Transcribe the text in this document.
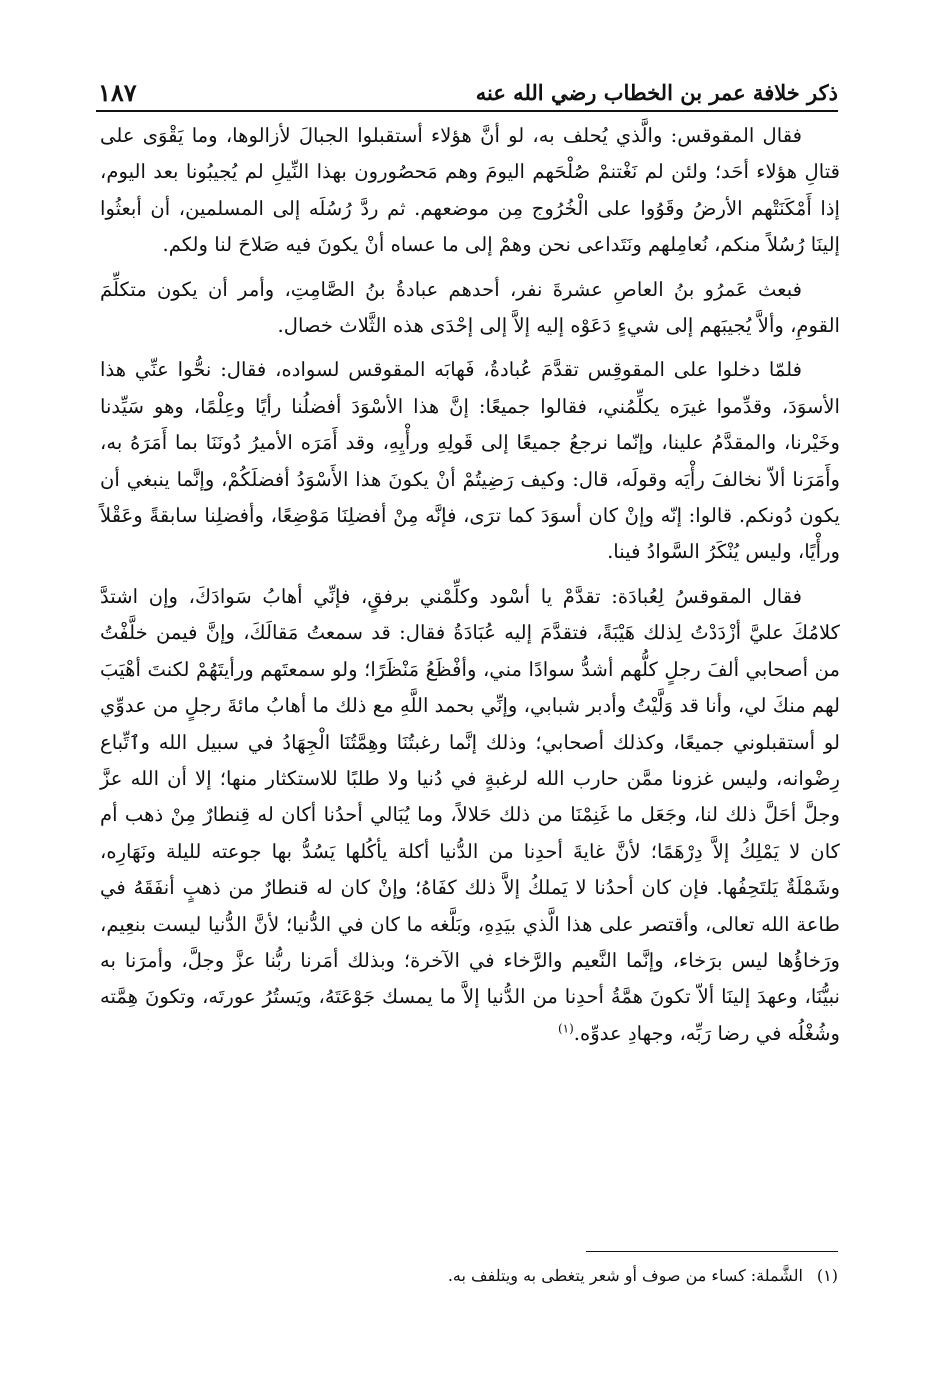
ذكر خلافة عمر بن الخطاب رضي الله عنه
١٨٧

فقال المقوقس: والَّذي يُحلف به، لو أنَّ هؤلاء أستقبلوا الجبالَ لأزالوها، وما يَقْوَى على قتالِ هؤلاء أحَد؛ ولئن لم نَغْتنمْ صُلْحَهم اليومَ وهم مَحصُورون بهذا النِّيلِ لم يُجيبُونا بعد اليوم، إذا أَمْكَنَتْهم الأرضُ وقَوُوا على الْخُرُوج مِن موضعهم. ثم ردَّ رُسُلَه إلى المسلمين، أن أبعثُوا إلينَا رُسُلاً منكم، نُعامِلهم ونَتَداعى نحن وهمْ إلى ما عساه أنْ يكونَ فيه صَلاحَ لنا ولكم.

فبعث عَمرُو بنُ العاصِ عشرةَ نفر، أحدهم عبادةُ بنُ الصَّامِتِ، وأمر أن يكون متكلِّمَ القومِ، وألاَّ يُجيبَهم إلى شيءٍ دَعَوْه إليه إلاَّ إلى إحْدَى هذه الثَّلاث خصال.

فلمّا دخلوا على المقوقِس تقدَّمَ عُبادةُ، فَهابَه المقوقس لسواده، فقال: نحُّوا عنِّي هذا الأسوَدَ، وقدِّموا غيرَه يكلِّمُني، فقالوا جميعًا: إنَّ هذا الأسْوَدَ أفضلُنا رأيًا وعِلْمًا، وهو سَيِّدنا وخَيْرنا، والمقدَّمُ علينا، وإنّما نرجعُ جميعًا إلى قَولِهِ ورأْيِهِ، وقد أَمَرَه الأميرُ دُونَنَا بما أَمَرَهُ به، وأَمَرَنا ألاّ نخالفَ رأْيَه وقولَه، قال: وكيف رَضِيتُمْ أنْ يكونَ هذا الأَسْوَدُ أفضلَكُمْ، وإنَّما ينبغي أن يكون دُونكم. قالوا: إنّه وإنْ كان أسوَدَ كما ترَى، فإنَّه مِنْ أفضلِنَا مَوْضِعًا، وأفضلِنا سابقةً وعَقْلاً ورأْيًا، وليس يُنْكَرُ السَّوادُ فينا.

فقال المقوقسُ لِعُبادَة: تقدَّمْ يا أسْود وكلِّمْني برفقٍ، فإنِّي أهابُ سَوادَكَ، وإن اشتدَّ كلامُكَ عليَّ أزْدَدْتُ لِذلك هَيْبَةً، فتقدَّمَ إليه عُبَادَةُ فقال: قد سمعتُ مَقالَكَ، وإنَّ فيمن خلَّفْتُ من أصحابي ألفَ رجلٍ كلُّهم أشدُّ سوادًا مني، وأفْظَعُ مَنْظَرًا؛ ولو سمعتَهم ورأيتَهُمْ لكنتَ أهْيَبَ لهم منكَ لي، وأنا قد وَلَّيْتُ وأدبر شبابي، وإنِّي بحمد اللَّهِ مع ذلك ما أهابُ مائةَ رجلٍ من عدوِّي لو أستقبلوني جميعًا، وكذلك أصحابي؛ وذلك إنَّما رغبتُنَا وهِمَّتُنَا الْجِهَادُ في سبيل الله وٱتِّباع رِضْوانه، وليس غزونا ممَّن حارب الله لرغبةٍ في دُنيا ولا طلبًا للاستكثار منها؛ إلا أن الله عزَّ وجلَّ أحَلَّ ذلك لنا، وجَعَل ما غَنِمْنَا من ذلك حَلالاً، وما يُبَالي أحدُنا أكان له قِنطارٌ مِنْ ذهب أم كان لا يَمْلِكُ إلاَّ دِرْهَمًا؛ لأنَّ غايةَ أحدِنا من الدُّنيا أكلة يأكُلها يَسُدُّ بها جوعته لليلة ونَهَارِه، وشَمْلَةٌ يَلتَحِفُها. فإن كان أحدُنا لا يَملكُ إلاَّ ذلك كفَاهُ؛ وإنْ كان له قنطارٌ من ذهبٍ أنفَقَهُ في طاعة الله تعالى، وأقتصر على هذا الَّذي بيَدِهِ، وبَلَّغه ما كان في الدُّنيا؛ لأنَّ الدُّنيا ليست بنعِيم، ورَخاؤُها ليس برَخاء، وإنَّما النَّعيم والرَّخاء في الآخرة؛ وبذلك أمَرنا ربُّنا عزَّ وجلَّ، وأمرَنا به نبيُّنَا، وعهدَ إلينَا ألاّ تكونَ همَّةُ أحدِنا من الدُّنيا إلاَّ ما يمسك جَوْعَتَهُ، ويَستُرُ عورتَه، وتكونَ هِمَّته وشُغْلُه في رضا رَبِّه، وجهادِ عدوِّه.$^{(١)}$

(١)
الشَّملة: كساء من صوف أو شعر يتغطى به ويتلفف به.
